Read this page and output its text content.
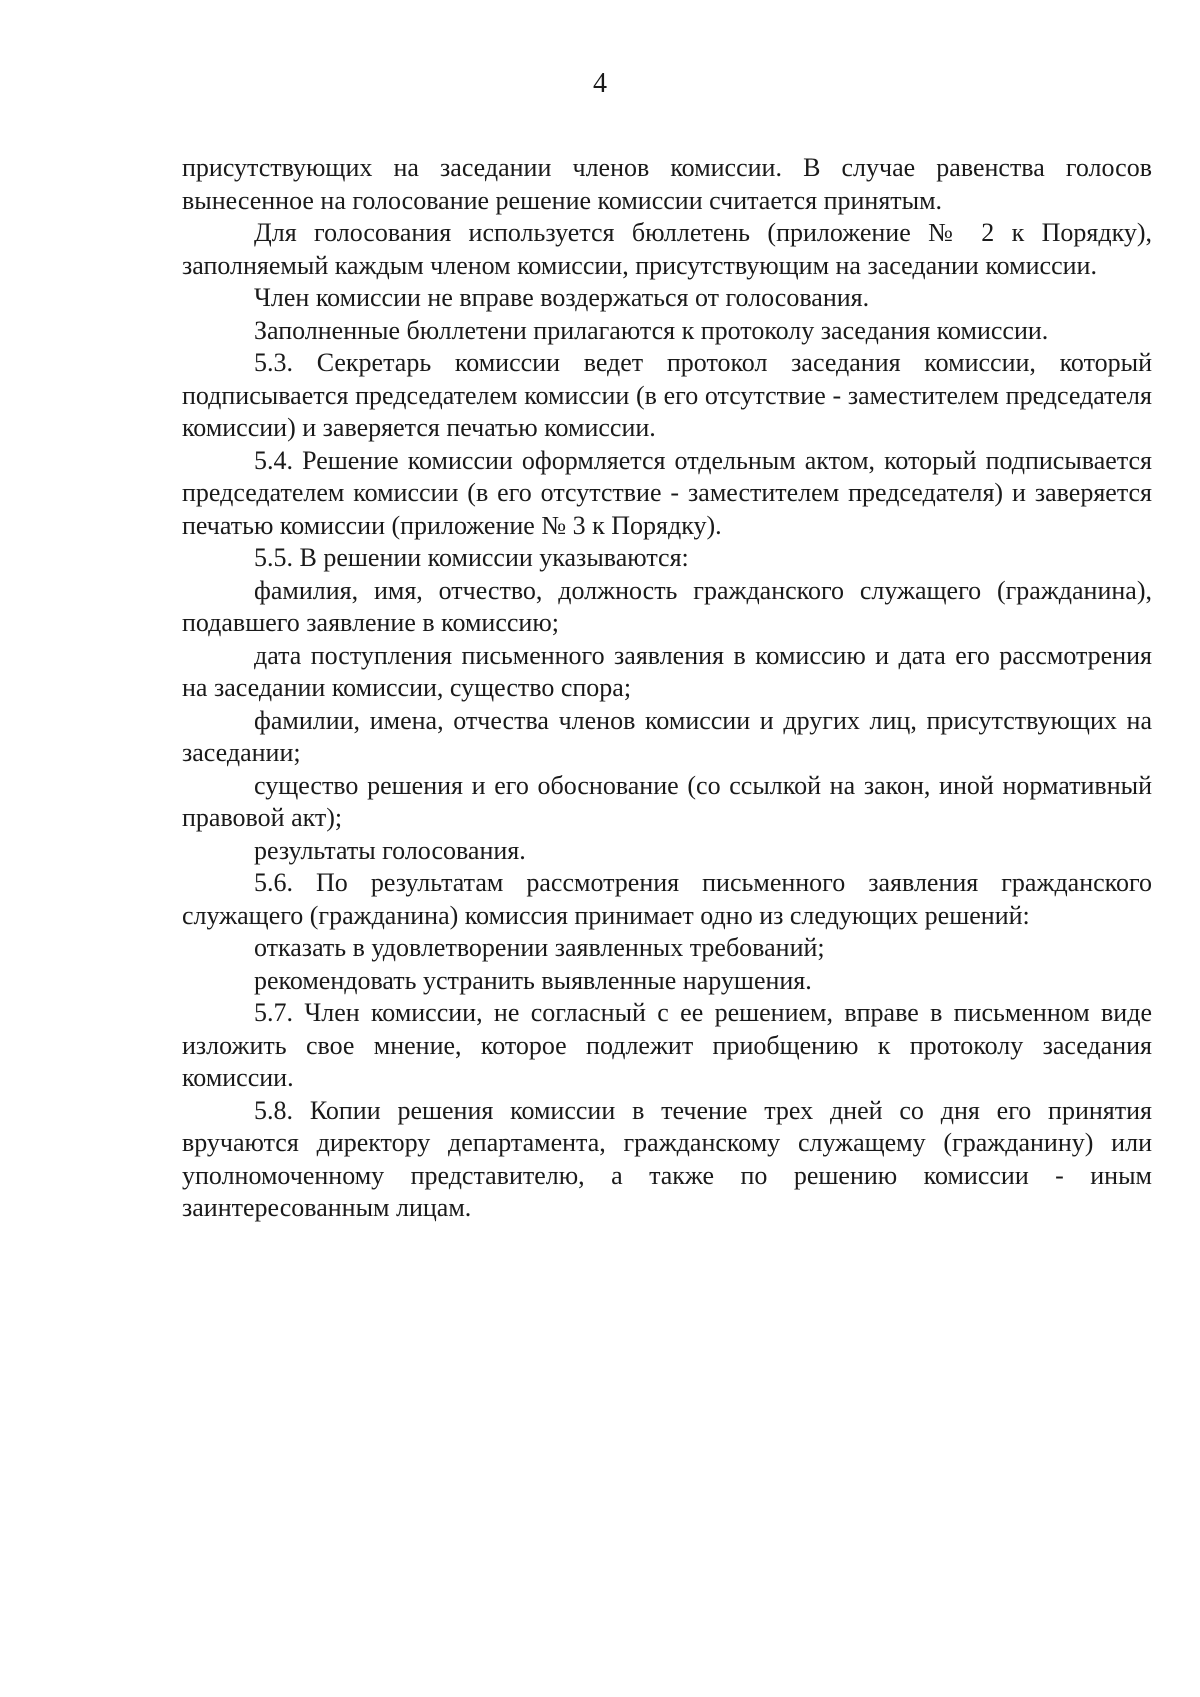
4

присутствующих на заседании членов комиссии. В случае равенства голосов вынесенное на голосование решение комиссии считается принятым.

Для голосования используется бюллетень (приложение № 2 к Порядку), заполняемый каждым членом комиссии, присутствующим на заседании комиссии.

Член комиссии не вправе воздержаться от голосования.

Заполненные бюллетени прилагаются к протоколу заседания комиссии.

5.3. Секретарь комиссии ведет протокол заседания комиссии, который подписывается председателем комиссии (в его отсутствие - заместителем председателя комиссии) и заверяется печатью комиссии.

5.4. Решение комиссии оформляется отдельным актом, который подписывается председателем комиссии (в его отсутствие - заместителем председателя) и заверяется печатью комиссии (приложение № 3 к Порядку).

5.5. В решении комиссии указываются:

фамилия, имя, отчество, должность гражданского служащего (гражданина), подавшего заявление в комиссию;

дата поступления письменного заявления в комиссию и дата его рассмотрения на заседании комиссии, существо спора;

фамилии, имена, отчества членов комиссии и других лиц, присутствующих на заседании;

существо решения и его обоснование (со ссылкой на закон, иной нормативный правовой акт);

результаты голосования.

5.6. По результатам рассмотрения письменного заявления гражданского служащего (гражданина) комиссия принимает одно из следующих решений:

отказать в удовлетворении заявленных требований;

рекомендовать устранить выявленные нарушения.

5.7. Член комиссии, не согласный с ее решением, вправе в письменном виде изложить свое мнение, которое подлежит приобщению к протоколу заседания комиссии.

5.8. Копии решения комиссии в течение трех дней со дня его принятия вручаются директору департамента, гражданскому служащему (гражданину) или уполномоченному представителю, а также по решению комиссии - иным заинтересованным лицам.
